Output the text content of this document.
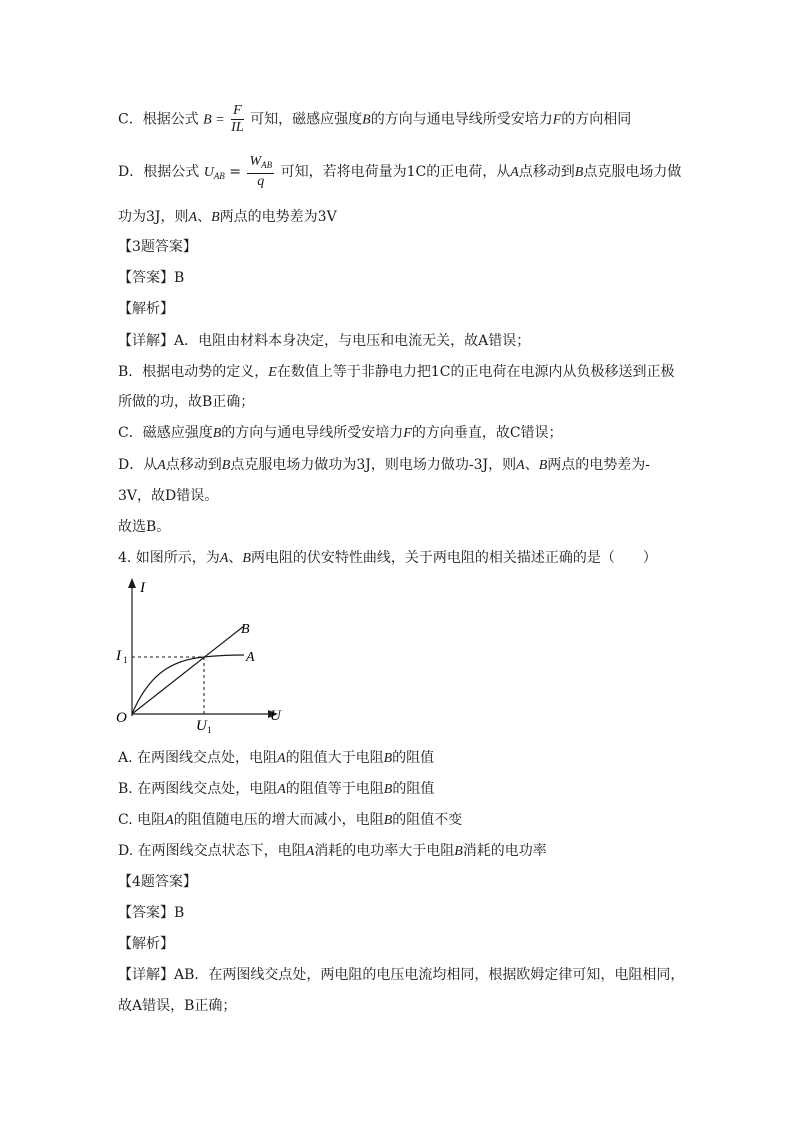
C．根据公式 $B = \frac{F}{IL}$ 可知，磁感应强度B的方向与通电导线所受安培力F的方向相同
D．根据公式 $U_{AB} = \frac{W_{AB}}{q}$ 可知，若将电荷量为1C的正电荷，从A点移动到B点克服电场力做
功为3J，则A、B两点的电势差为3V
【3题答案】
【答案】B
【解析】
【详解】A．电阻由材料本身决定，与电压和电流无关，故A错误；
B．根据电动势的定义，E在数值上等于非静电力把1C的正电荷在电源内从负极移送到正极
所做的功，故B正确；
C．磁感应强度B的方向与通电导线所受安培力F的方向垂直，故C错误；
D．从A点移动到B点克服电场力做功为3J，则电场力做功-3J，则A、B两点的电势差为-
3V，故D错误。
故选B。
4. 如图所示，为A、B两电阻的伏安特性曲线，关于两电阻的相关描述正确的是（　　）
I
U
O
I 1
U 1
B
A
A. 在两图线交点处，电阻A的阻值大于电阻B的阻值
B. 在两图线交点处，电阻A的阻值等于电阻B的阻值
C. 电阻A的阻值随电压的增大而减小，电阻B的阻值不变
D. 在两图线交点状态下，电阻A消耗的电功率大于电阻B消耗的电功率
【4题答案】
【答案】B
【解析】
【详解】AB．在两图线交点处，两电阻的电压电流均相同，根据欧姆定律可知，电阻相同，
故A错误，B正确；
